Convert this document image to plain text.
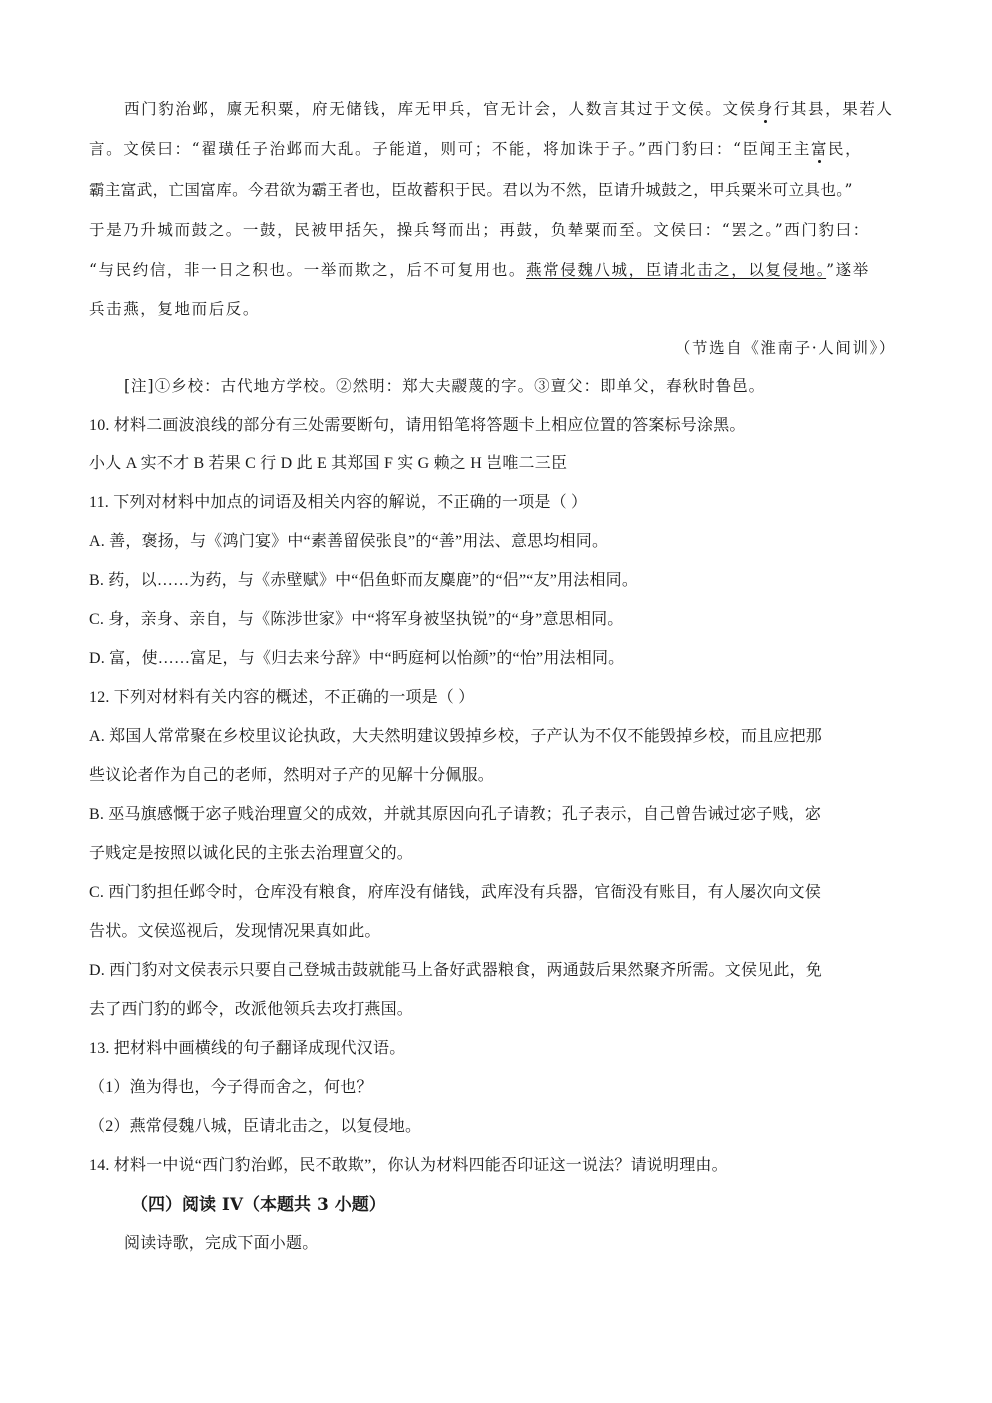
西门豹治邺，廪无积粟，府无储钱，库无甲兵，官无计会，人数言其过于文侯。文侯身行其县，果若人

言。文侯曰：“翟璜任子治邺而大乱。子能道，则可；不能，将加诛于子。”西门豹曰：“臣闻王主富民，

霸主富武，亡国富库。今君欲为霸王者也，臣故蓄积于民。君以为不然，臣请升城鼓之，甲兵粟米可立具也。”

于是乃升城而鼓之。一鼓，民被甲括矢，操兵弩而出；再鼓，负辇粟而至。文侯曰：“罢之。”西门豹曰：

“与民约信，非一日之积也。一举而欺之，后不可复用也。燕常侵魏八城，臣请北击之，以复侵地。”遂举

兵击燕，复地而后反。

（节选自《淮南子·人间训》）

[注]①乡校：古代地方学校。②然明：郑大夫鬷蔑的字。③亶父：即单父，春秋时鲁邑。

10. 材料二画波浪线的部分有三处需要断句，请用铅笔将答题卡上相应位置的答案标号涂黑。

小人 A 实不才 B 若果 C 行 D 此 E 其郑国 F 实 G 赖之 H 岂唯二三臣

11. 下列对材料中加点的词语及相关内容的解说，不正确的一项是（ ）

A. 善，褒扬，与《鸿门宴》中“素善留侯张良”的“善”用法、意思均相同。

B. 药，以……为药，与《赤壁赋》中“侣鱼虾而友麋鹿”的“侣”“友”用法相同。

C. 身，亲身、亲自，与《陈涉世家》中“将军身被坚执锐”的“身”意思相同。

D. 富，使……富足，与《归去来兮辞》中“眄庭柯以怡颜”的“怡”用法相同。

12. 下列对材料有关内容的概述，不正确的一项是（ ）

A. 郑国人常常聚在乡校里议论执政，大夫然明建议毁掉乡校，子产认为不仅不能毁掉乡校，而且应把那

些议论者作为自己的老师，然明对子产的见解十分佩服。

B. 巫马旗感慨于宓子贱治理亶父的成效，并就其原因向孔子请教；孔子表示，自己曾告诫过宓子贱，宓

子贱定是按照以诚化民的主张去治理亶父的。

C. 西门豹担任邺令时，仓库没有粮食，府库没有储钱，武库没有兵器，官衙没有账目，有人屡次向文侯

告状。文侯巡视后，发现情况果真如此。

D. 西门豹对文侯表示只要自己登城击鼓就能马上备好武器粮食，两通鼓后果然聚齐所需。文侯见此，免

去了西门豹的邺令，改派他领兵去攻打燕国。

13. 把材料中画横线的句子翻译成现代汉语。

（1）渔为得也，今子得而舍之，何也？

（2）燕常侵魏八城，臣请北击之，以复侵地。

14. 材料一中说“西门豹治邺，民不敢欺”，你认为材料四能否印证这一说法？请说明理由。

（四）阅读 IV（本题共 3 小题）

阅读诗歌，完成下面小题。
